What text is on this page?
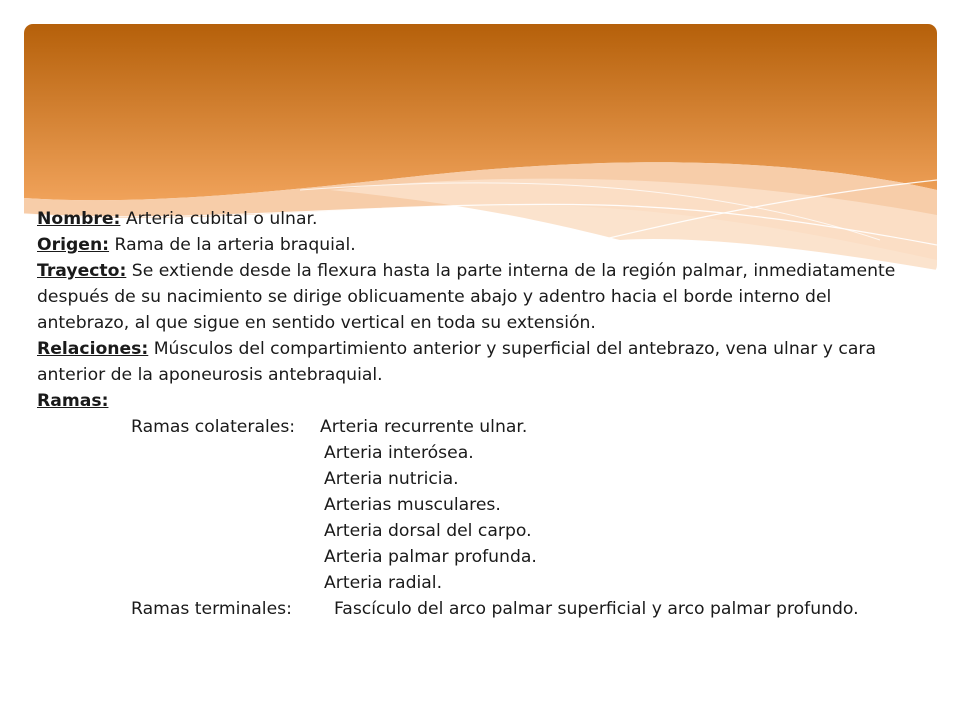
Nombre: Arteria cubital o ulnar.
Origen: Rama de la arteria braquial.
Trayecto: Se extiende desde la flexura hasta la parte interna de la región palmar, inmediatamente después de su nacimiento se dirige oblicuamente abajo y adentro hacia el borde interno del antebrazo, al que sigue en sentido vertical en toda su extensión.
Relaciones: Músculos del compartimiento anterior y superficial del antebrazo, vena ulnar y cara anterior de la aponeurosis antebraquial.
Ramas:
Ramas colaterales: Arteria recurrente ulnar.
Arteria interósea.
Arteria nutricia.
Arterias musculares.
Arteria dorsal del carpo.
Arteria palmar profunda.
Arteria radial.
Ramas terminales: Fascículo del arco palmar superficial y arco palmar profundo.
